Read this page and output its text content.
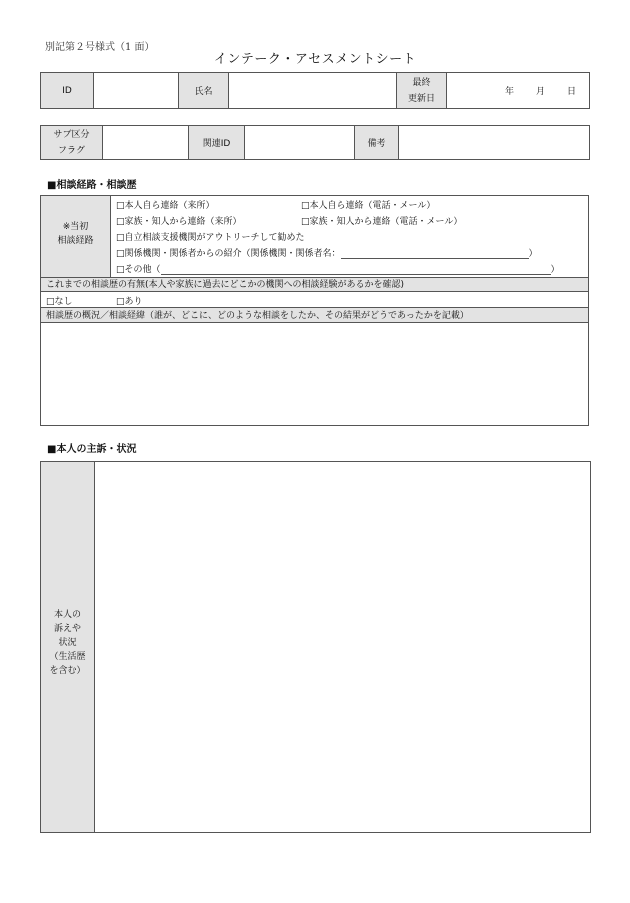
別記第２号様式（1 面）
インテーク・アセスメントシート
ID		氏名		最終
更新日	年 月 日
サブ区分
フラグ		関連ID		備考	
■相談経路・相談歴
※当初
相談経路
□本人自ら連絡（来所）	□本人自ら連絡（電話・メール）
□家族・知人から連絡（来所）	□家族・知人から連絡（電話・メール）
□自立相談支援機関がアウトリーチして勧めた
□関係機関・関係者からの紹介（関係機関・関係者名：	）
□その他（	）
これまでの相談歴の有無(本人や家族に過去にどこかの機関への相談経験があるかを確認)
□なし	□あり
相談歴の概況／相談経緯（誰が、どこに、どのような相談をしたか、その結果がどうであったかを記載）
■本人の主訴・状況
本人の
訴えや
状況
（生活歴
を含む）
